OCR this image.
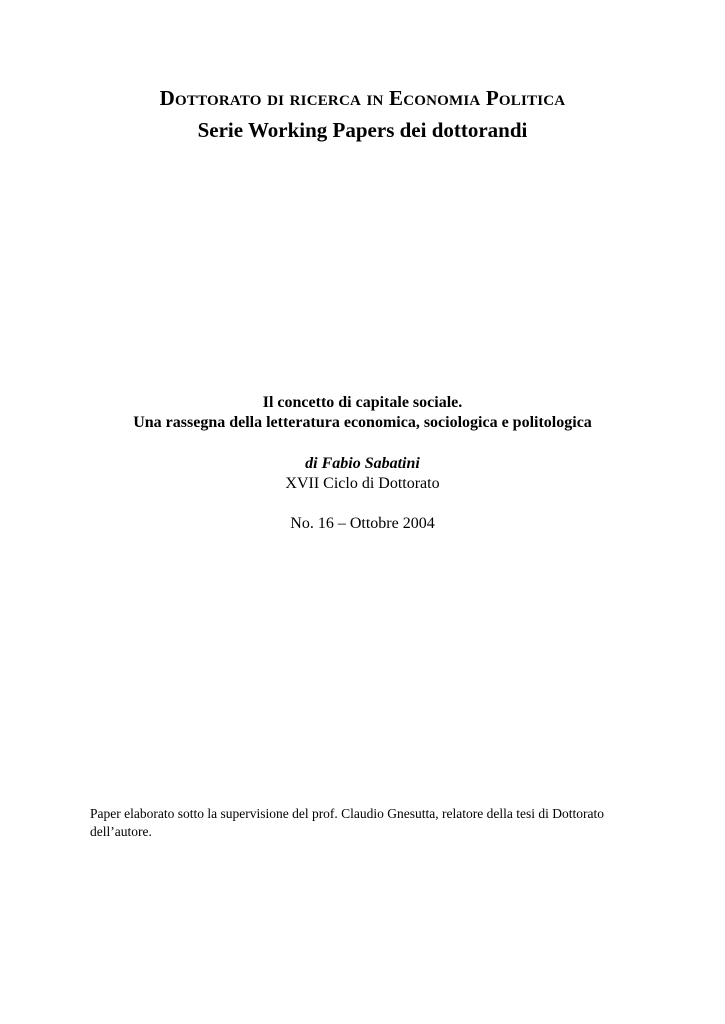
Dottorato di ricerca in Economia Politica
Serie Working Papers dei dottorandi
Il concetto di capitale sociale.
Una rassegna della letteratura economica, sociologica e politologica
di Fabio Sabatini
XVII Ciclo di Dottorato
No. 16 – Ottobre 2004
Paper elaborato sotto la supervisione del prof. Claudio Gnesutta, relatore della tesi di Dottorato dell’autore.
